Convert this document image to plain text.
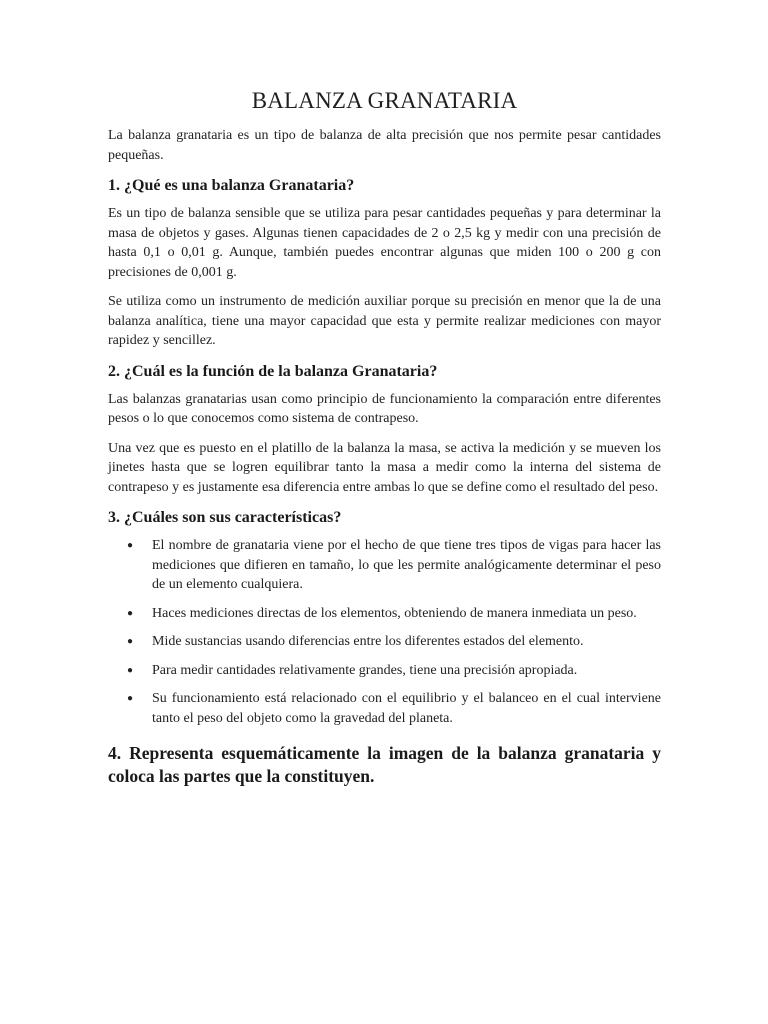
BALANZA GRANATARIA

La balanza granataria es un tipo de balanza de alta precisión que nos permite pesar cantidades pequeñas.

1. ¿Qué es una balanza Granataria?

Es un tipo de balanza sensible que se utiliza para pesar cantidades pequeñas y para determinar la masa de objetos y gases. Algunas tienen capacidades de 2 o 2,5 kg y medir con una precisión de hasta 0,1 o 0,01 g. Aunque, también puedes encontrar algunas que miden 100 o 200 g con precisiones de 0,001 g.

Se utiliza como un instrumento de medición auxiliar porque su precisión en menor que la de una balanza analítica, tiene una mayor capacidad que esta y permite realizar mediciones con mayor rapidez y sencillez.

2. ¿Cuál es la función de la balanza Granataria?

Las balanzas granatarias usan como principio de funcionamiento la comparación entre diferentes pesos o lo que conocemos como sistema de contrapeso.

Una vez que es puesto en el platillo de la balanza la masa, se activa la medición y se mueven los jinetes hasta que se logren equilibrar tanto la masa a medir como la interna del sistema de contrapeso y es justamente esa diferencia entre ambas lo que se define como el resultado del peso.

3. ¿Cuáles son sus características?
● El nombre de granataria viene por el hecho de que tiene tres tipos de vigas para hacer las mediciones que difieren en tamaño, lo que les permite analógicamente determinar el peso de un elemento cualquiera.
● Haces mediciones directas de los elementos, obteniendo de manera inmediata un peso.
● Mide sustancias usando diferencias entre los diferentes estados del elemento.
● Para medir cantidades relativamente grandes, tiene una precisión apropiada.
● Su funcionamiento está relacionado con el equilibrio y el balanceo en el cual interviene tanto el peso del objeto como la gravedad del planeta.
4. Representa esquemáticamente la imagen de la balanza granataria y coloca las partes que la constituyen.
